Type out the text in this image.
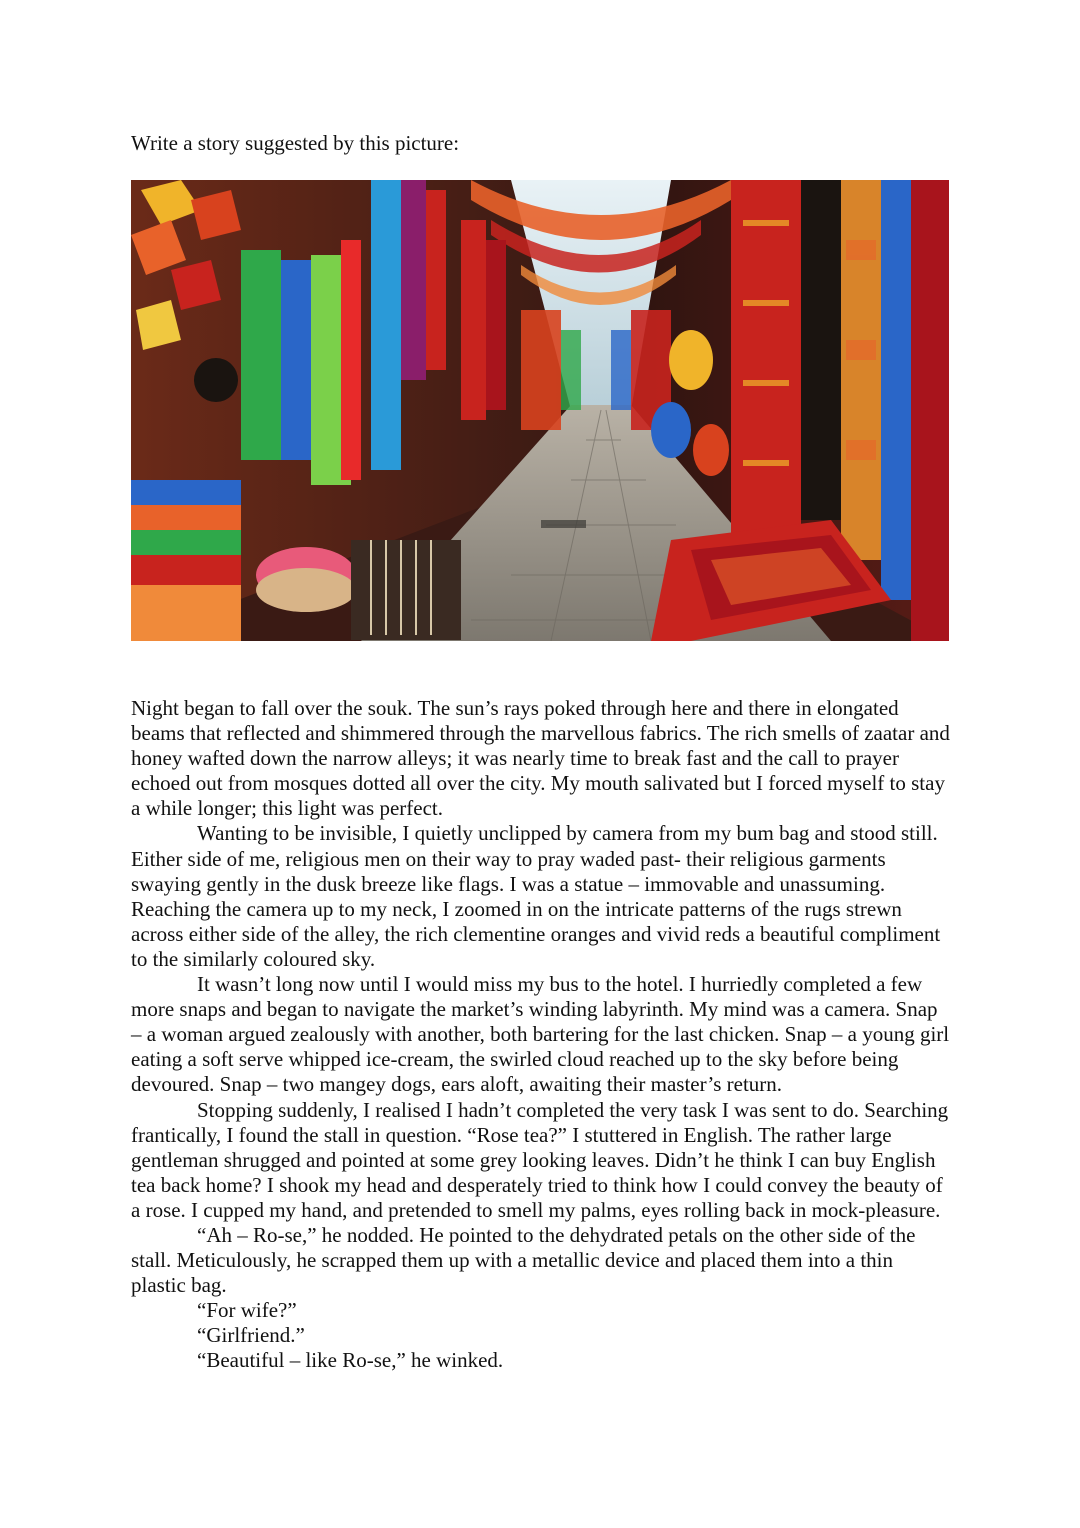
Write a story suggested by this picture:

Night began to fall over the souk. The sun’s rays poked through here and there in elongated beams that reflected and shimmered through the marvellous fabrics. The rich smells of zaatar and honey wafted down the narrow alleys; it was nearly time to break fast and the call to prayer echoed out from mosques dotted all over the city. My mouth salivated but I forced myself to stay a while longer; this light was perfect.

Wanting to be invisible, I quietly unclipped by camera from my bum bag and stood still. Either side of me, religious men on their way to pray waded past- their religious garments swaying gently in the dusk breeze like flags. I was a statue – immovable and unassuming. Reaching the camera up to my neck, I zoomed in on the intricate patterns of the rugs strewn across either side of the alley, the rich clementine oranges and vivid reds a beautiful compliment to the similarly coloured sky.

It wasn’t long now until I would miss my bus to the hotel. I hurriedly completed a few more snaps and began to navigate the market’s winding labyrinth. My mind was a camera. Snap – a woman argued zealously with another, both bartering for the last chicken. Snap – a young girl eating a soft serve whipped ice-cream, the swirled cloud reached up to the sky before being devoured. Snap – two mangey dogs, ears aloft, awaiting their master’s return.

Stopping suddenly, I realised I hadn’t completed the very task I was sent to do. Searching frantically, I found the stall in question. “Rose tea?” I stuttered in English. The rather large gentleman shrugged and pointed at some grey looking leaves. Didn’t he think I can buy English tea back home? I shook my head and desperately tried to think how I could convey the beauty of a rose. I cupped my hand, and pretended to smell my palms, eyes rolling back in mock-pleasure.

“Ah – Ro-se,” he nodded. He pointed to the dehydrated petals on the other side of the stall. Meticulously, he scrapped them up with a metallic device and placed them into a thin plastic bag.

“For wife?”

“Girlfriend.”

“Beautiful – like Ro-se,” he winked.
